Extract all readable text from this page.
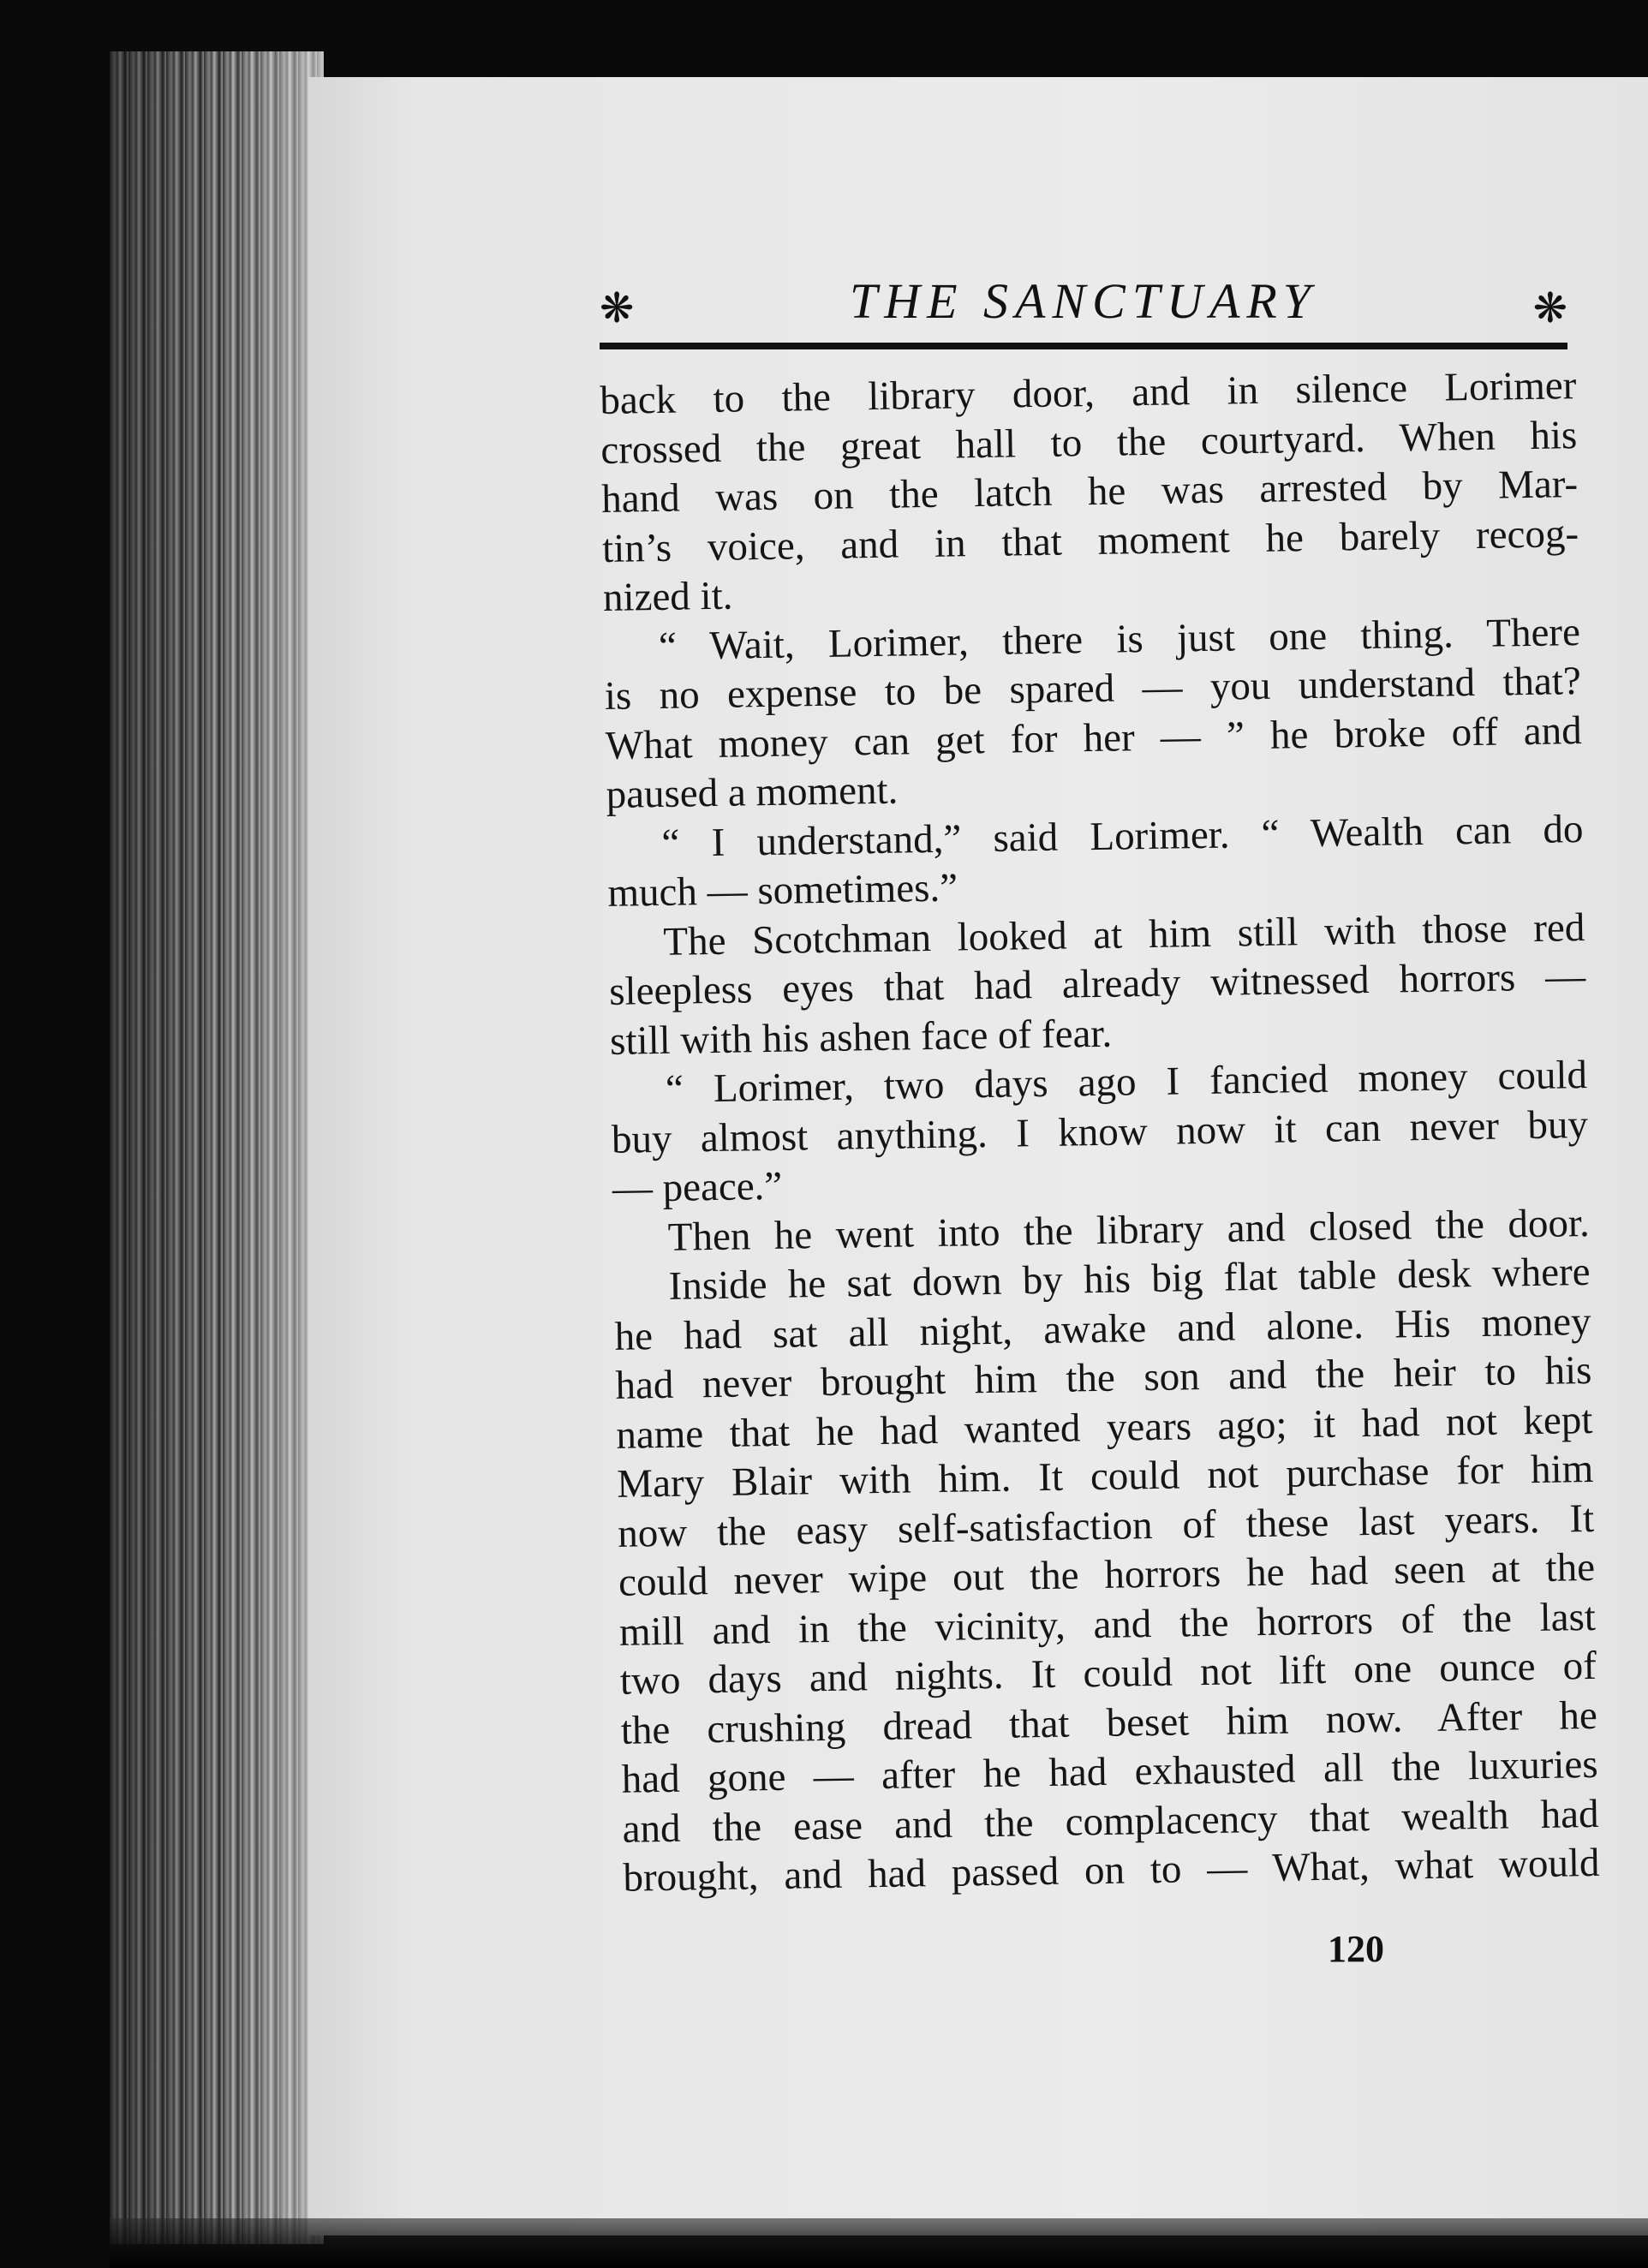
❋	THE SANCTUARY	❋
back to the library door, and in silence Lorimer
crossed the great hall to the courtyard. When his
hand was on the latch he was arrested by Mar-
tin’s voice, and in that moment he barely recog-
nized it.
“ Wait, Lorimer, there is just one thing. There
is no expense to be spared — you understand that?
What money can get for her — ” he broke off and
paused a moment.
“ I understand,” said Lorimer. “ Wealth can do
much — sometimes.”
The Scotchman looked at him still with those red
sleepless eyes that had already witnessed horrors —
still with his ashen face of fear.
“ Lorimer, two days ago I fancied money could
buy almost anything. I know now it can never buy
— peace.”
Then he went into the library and closed the door.
Inside he sat down by his big flat table desk where
he had sat all night, awake and alone. His money
had never brought him the son and the heir to his
name that he had wanted years ago; it had not kept
Mary Blair with him. It could not purchase for him
now the easy self-satisfaction of these last years. It
could never wipe out the horrors he had seen at the
mill and in the vicinity, and the horrors of the last
two days and nights. It could not lift one ounce of
the crushing dread that beset him now. After he
had gone — after he had exhausted all the luxuries
and the ease and the complacency that wealth had
brought, and had passed on to — What, what would
120
